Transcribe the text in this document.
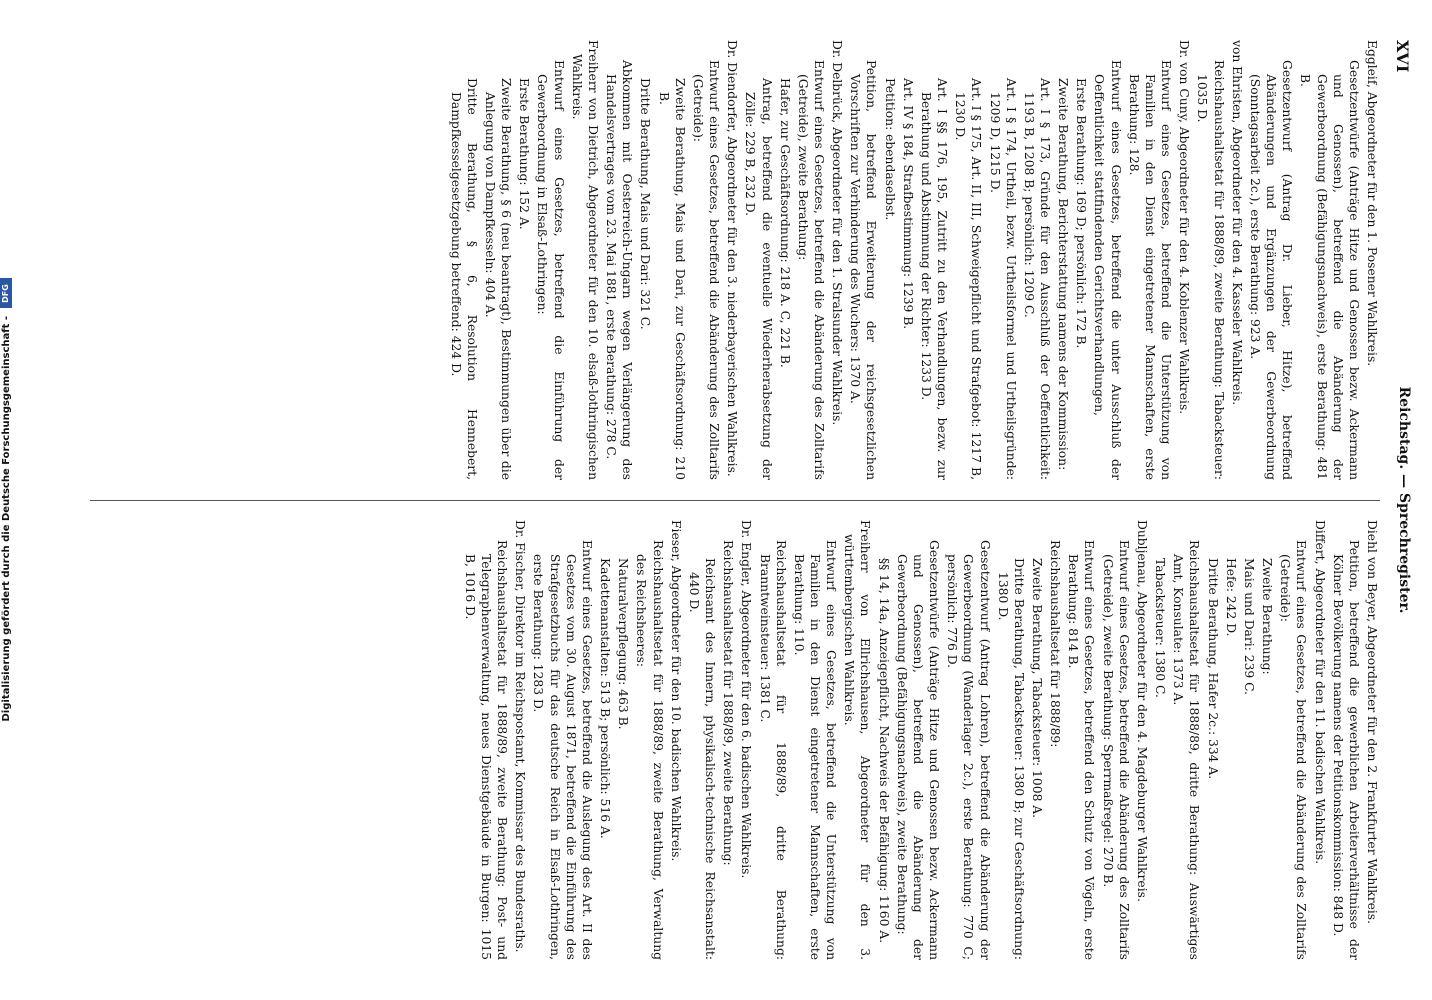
XVI
Reichstag. — Sprechregister.

Eggleif, Abgeordneter für den 1. Posener Wahlkreis.

Gesetzentwürfe (Anträge Hitze und Genossen bezw. Ackermann und Genossen), betreffend die Abänderung der Gewerbeordnung (Befähigungsnachweis), erste Berathung: 481 B.

Gesetzentwurf (Antrag Dr. Lieber, Hitze), betreffend Abänderungen und Ergänzungen der Gewerbeordnung (Sonntagsarbeit 2c.), erste Berathung: 923 A.

von Ehristen, Abgeordneter für den 4. Kasseler Wahlkreis.

Reichshaushaltsetat für 1888/89, zweite Berathung: Tabacksteuer: 1035 D.

Dr. von Cuny, Abgeordneter für den 4. Koblenzer Wahlkreis.

Entwurf eines Gesetzes, betreffend die Unterstützung von Familien in den Dienst eingetretener Mannschaften, erste Berathung: 128.

Entwurf eines Gesetzes, betreffend die unter Ausschluß der Oeffentlichkeit stattfindenden Gerichtsverhandlungen,

Erste Berathung: 169 D; persönlich: 172 B.

Zweite Berathung, Berichterstattung namens der Kommission:

Art. I § 173, Gründe für den Ausschluß der Oeffentlichkeit: 1193 B, 1208 B; persönlich: 1209 C.

Art. I § 174, Urtheil, bezw. Urtheilsformel und Urtheilsgründe: 1209 D, 1215 D.

Art. I § 175, Art. II, III, Schweigepflicht und Strafgebot: 1217 B, 1230 D.

Art. I §§ 176, 195, Zutritt zu den Verhandlungen, bezw. zur Berathung und Abstimmung der Richter: 1233 D.

Art. IV § 184, Strafbestimmung: 1239 B.

Petition: ebendaselbst.

Petition, betreffend Erweiterung der reichsgesetzlichen Vorschriften zur Verhinderung des Wuchers: 1370 A.

Dr. Delbrück, Abgeordneter für den 1. Stralsunder Wahlkreis.

Entwurf eines Gesetzes, betreffend die Abänderung des Zolltarifs (Getreide), zweite Berathung:

Hafer, zur Geschäftsordnung: 218 A. C, 221 B.

Antrag, betreffend die eventuelle Wiederherabsetzung der Zölle: 229 B, 232 D.

Dr. Diendorfer, Abgeordneter für den 3. niederbayerischen Wahlkreis.

Entwurf eines Gesetzes, betreffend die Abänderung des Zolltarifs (Getreide):

Zweite Berathung, Mais und Dari, zur Geschäftsordnung: 210 B.

Dritte Berathung, Mais und Dari: 321 C.

Abkommen mit Oesterreich-Ungarn wegen Verlängerung des Handelsvertrages vom 23. Mai 1881, erste Berathung: 278 C.

Freiherr von Dietrich, Abgeordneter für den 10. elsaß-lothringischen Wahlkreis.

Entwurf eines Gesetzes, betreffend die Einführung der Gewerbeordnung in Elsaß-Lothringen:

Erste Berathung: 152 A.

Zweite Berathung, § 6 (neu beantragt), Bestimmungen über die Anlegung von Dampfkesseln: 404 A.

Dritte Berathung, § 6, Resolution Hennebert, Dampfkesselgesetzgebung betreffend: 424 D.

Diehl von Beyer, Abgeordneter für den 2. Frankfurter Wahlkreis.

Petition, betreffend die gewerblichen Arbeiterverhältnisse der Kölner Bevölkerung namens der Petitionskommission: 848 D.

Differt, Abgeordneter für den 11. badischen Wahlkreis.

Entwurf eines Gesetzes, betreffend die Abänderung des Zolltarifs (Getreide):

Zweite Berathung:

Mais und Dari: 239 C.

Hefe: 242 D.

Dritte Berathung, Hafer 2c.: 334 A.

Reichshaushaltsetat für 1888/89, dritte Berathung: Auswärtiges Amt, Konsulate: 1373 A.

Tabacksteuer: 1380 C.

Dubljenau, Abgeordneter für den 4. Magdeburger Wahlkreis.

Entwurf eines Gesetzes, betreffend die Abänderung des Zolltarifs (Getreide), zweite Berathung: Sperrmaßregel: 270 B.

Entwurf eines Gesetzes, betreffend den Schutz von Vögeln, erste Berathung: 814 B.

Reichshaushaltsetat für 1888/89:

Zweite Berathung, Tabacksteuer: 1008 A.

Dritte Berathung, Tabacksteuer: 1380 B; zur Geschäftsordnung: 1380 D.

Gesetzentwurf (Antrag Lohren), betreffend die Abänderung der Gewerbeordnung (Wanderlager 2c.), erste Berathung: 770 C; persönlich: 776 D.

Gesetzentwürfe (Anträge Hitze und Genossen bezw. Ackermann und Genossen), betreffend die Abänderung der Gewerbeordnung (Befähigungsnachweis), zweite Berathung:

§§ 14, 14a, Anzeigepflicht, Nachweis der Befähigung: 1160 A.

Freiherr von Ellrichshausen, Abgeordneter für den 3. württembergischen Wahlkreis.

Entwurf eines Gesetzes, betreffend die Unterstützung von Familien in den Dienst eingetretener Mannschaften, erste Berathung: 110.

Reichshaushaltsetat für 1888/89, dritte Berathung: Branntweinsteuer: 1381 C.

Dr. Engler, Abgeordneter für den 6. badischen Wahlkreis.

Reichshaushaltsetat für 1888/89, zweite Berathung:

Reichsamt des Innern, physikalisch-technische Reichsanstalt: 440 D.

Fieser, Abgeordneter für den 10. badischen Wahlkreis.

Reichshaushaltsetat für 1888/89, zweite Berathung, Verwaltung des Reichsheeres:

Naturalverpflegung: 463 B.

Kadettenanstalten: 513 B; persönlich: 516 A.

Entwurf eines Gesetzes, betreffend die Auslegung des Art. II des Gesetzes vom 30. August 1871, betreffend die Einführung des Strafgesetzbuchs für das deutsche Reich in Elsaß-Lothringen, erste Berathung: 1283 D.

Dr. Fischer, Direktor im Reichspostamt, Kommissar des Bundesraths.

Reichshaushaltsetat für 1888/89, zweite Berathung: Post- und Telegraphenverwaltung, neues Dienstgebäude in Burgen: 1015 B, 1016 D.

Digitalisierung gefördert durch die Deutsche Forschungsgemeinschaft - DFG
